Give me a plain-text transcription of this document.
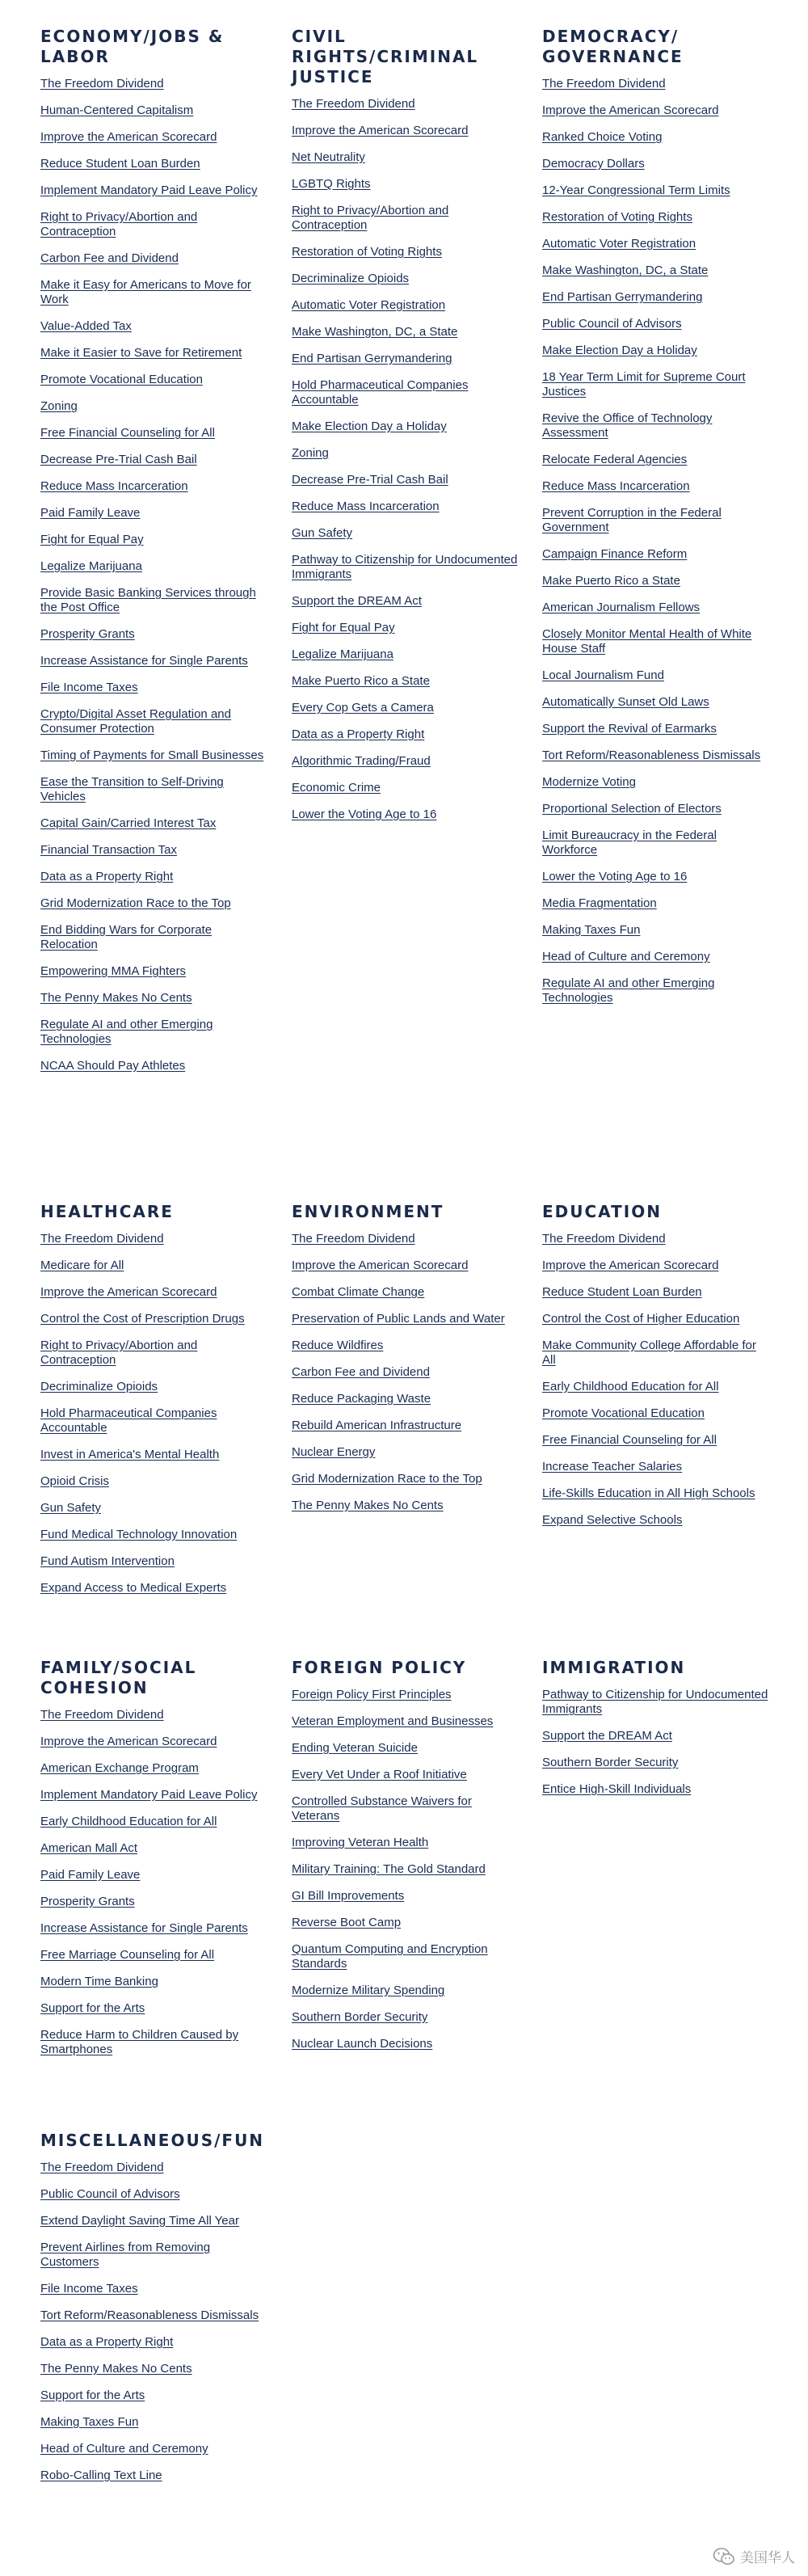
ECONOMY/JOBS & LABOR
The Freedom Dividend
Human-Centered Capitalism
Improve the American Scorecard
Reduce Student Loan Burden
Implement Mandatory Paid Leave Policy
Right to Privacy/Abortion and Contraception
Carbon Fee and Dividend
Make it Easy for Americans to Move for Work
Value-Added Tax
Make it Easier to Save for Retirement
Promote Vocational Education
Zoning
Free Financial Counseling for All
Decrease Pre-Trial Cash Bail
Reduce Mass Incarceration
Paid Family Leave
Fight for Equal Pay
Legalize Marijuana
Provide Basic Banking Services through the Post Office
Prosperity Grants
Increase Assistance for Single Parents
File Income Taxes
Crypto/Digital Asset Regulation and Consumer Protection
Timing of Payments for Small Businesses
Ease the Transition to Self-Driving Vehicles
Capital Gain/Carried Interest Tax
Financial Transaction Tax
Data as a Property Right
Grid Modernization Race to the Top
End Bidding Wars for Corporate Relocation
Empowering MMA Fighters
The Penny Makes No Cents
Regulate AI and other Emerging Technologies
NCAA Should Pay Athletes
CIVIL RIGHTS/CRIMINAL JUSTICE
The Freedom Dividend
Improve the American Scorecard
Net Neutrality
LGBTQ Rights
Right to Privacy/Abortion and Contraception
Restoration of Voting Rights
Decriminalize Opioids
Automatic Voter Registration
Make Washington, DC, a State
End Partisan Gerrymandering
Hold Pharmaceutical Companies Accountable
Make Election Day a Holiday
Zoning
Decrease Pre-Trial Cash Bail
Reduce Mass Incarceration
Gun Safety
Pathway to Citizenship for Undocumented Immigrants
Support the DREAM Act
Fight for Equal Pay
Legalize Marijuana
Make Puerto Rico a State
Every Cop Gets a Camera
Data as a Property Right
Algorithmic Trading/Fraud
Economic Crime
Lower the Voting Age to 16
DEMOCRACY/ GOVERNANCE
The Freedom Dividend
Improve the American Scorecard
Ranked Choice Voting
Democracy Dollars
12-Year Congressional Term Limits
Restoration of Voting Rights
Automatic Voter Registration
Make Washington, DC, a State
End Partisan Gerrymandering
Public Council of Advisors
Make Election Day a Holiday
18 Year Term Limit for Supreme Court Justices
Revive the Office of Technology Assessment
Relocate Federal Agencies
Reduce Mass Incarceration
Prevent Corruption in the Federal Government
Campaign Finance Reform
Make Puerto Rico a State
American Journalism Fellows
Closely Monitor Mental Health of White House Staff
Local Journalism Fund
Automatically Sunset Old Laws
Support the Revival of Earmarks
Tort Reform/Reasonableness Dismissals
Modernize Voting
Proportional Selection of Electors
Limit Bureaucracy in the Federal Workforce
Lower the Voting Age to 16
Media Fragmentation
Making Taxes Fun
Head of Culture and Ceremony
Regulate AI and other Emerging Technologies
HEALTHCARE
The Freedom Dividend
Medicare for All
Improve the American Scorecard
Control the Cost of Prescription Drugs
Right to Privacy/Abortion and Contraception
Decriminalize Opioids
Hold Pharmaceutical Companies Accountable
Invest in America's Mental Health
Opioid Crisis
Gun Safety
Fund Medical Technology Innovation
Fund Autism Intervention
Expand Access to Medical Experts
ENVIRONMENT
The Freedom Dividend
Improve the American Scorecard
Combat Climate Change
Preservation of Public Lands and Water
Reduce Wildfires
Carbon Fee and Dividend
Reduce Packaging Waste
Rebuild American Infrastructure
Nuclear Energy
Grid Modernization Race to the Top
The Penny Makes No Cents
EDUCATION
The Freedom Dividend
Improve the American Scorecard
Reduce Student Loan Burden
Control the Cost of Higher Education
Make Community College Affordable for All
Early Childhood Education for All
Promote Vocational Education
Free Financial Counseling for All
Increase Teacher Salaries
Life-Skills Education in All High Schools
Expand Selective Schools
FAMILY/SOCIAL COHESION
The Freedom Dividend
Improve the American Scorecard
American Exchange Program
Implement Mandatory Paid Leave Policy
Early Childhood Education for All
American Mall Act
Paid Family Leave
Prosperity Grants
Increase Assistance for Single Parents
Free Marriage Counseling for All
Modern Time Banking
Support for the Arts
Reduce Harm to Children Caused by Smartphones
FOREIGN POLICY
Foreign Policy First Principles
Veteran Employment and Businesses
Ending Veteran Suicide
Every Vet Under a Roof Initiative
Controlled Substance Waivers for Veterans
Improving Veteran Health
Military Training: The Gold Standard
GI Bill Improvements
Reverse Boot Camp
Quantum Computing and Encryption Standards
Modernize Military Spending
Southern Border Security
Nuclear Launch Decisions
IMMIGRATION
Pathway to Citizenship for Undocumented Immigrants
Support the DREAM Act
Southern Border Security
Entice High-Skill Individuals
MISCELLANEOUS/FUN
The Freedom Dividend
Public Council of Advisors
Extend Daylight Saving Time All Year
Prevent Airlines from Removing Customers
File Income Taxes
Tort Reform/Reasonableness Dismissals
Data as a Property Right
The Penny Makes No Cents
Support for the Arts
Making Taxes Fun
Head of Culture and Ceremony
Robo-Calling Text Line
美国华人
